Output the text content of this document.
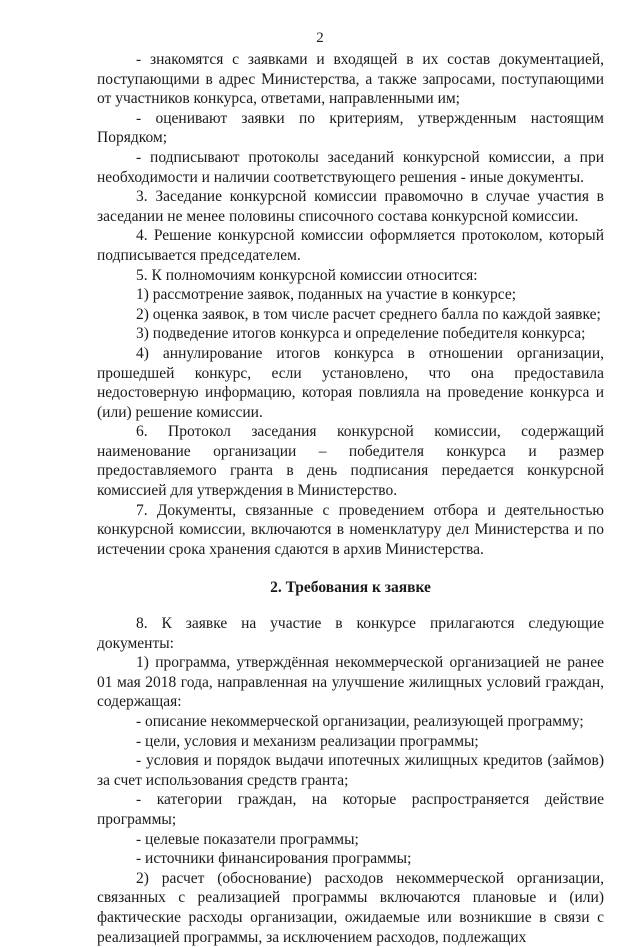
2

- знакомятся с заявками и входящей в их состав документацией, поступающими в адрес Министерства, а также запросами, поступающими от участников конкурса, ответами, направленными им;

- оценивают заявки по критериям, утвержденным настоящим Порядком;

- подписывают протоколы заседаний конкурсной комиссии, а при необходимости и наличии соответствующего решения - иные документы.

3. Заседание конкурсной комиссии правомочно в случае участия в заседании не менее половины списочного состава конкурсной комиссии.

4. Решение конкурсной комиссии оформляется протоколом, который подписывается председателем.

5. К полномочиям конкурсной комиссии относится:

1) рассмотрение заявок, поданных на участие в конкурсе;

2) оценка заявок, в том числе расчет среднего балла по каждой заявке;

3) подведение итогов конкурса и определение победителя конкурса;

4) аннулирование итогов конкурса в отношении организации, прошедшей конкурс, если установлено, что она предоставила недостоверную информацию, которая повлияла на проведение конкурса и (или) решение комиссии.

6. Протокол заседания конкурсной комиссии, содержащий наименование организации – победителя конкурса и размер предоставляемого гранта в день подписания передается конкурсной комиссией для утверждения в Министерство.

7. Документы, связанные с проведением отбора и деятельностью конкурсной комиссии, включаются в номенклатуру дел Министерства и по истечении срока хранения сдаются в архив Министерства.

2. Требования к заявке

8. К заявке на участие в конкурсе прилагаются следующие документы:

1) программа, утверждённая некоммерческой организацией не ранее 01 мая 2018 года, направленная на улучшение жилищных условий граждан, содержащая:

- описание некоммерческой организации, реализующей программу;

- цели, условия и механизм реализации программы;

- условия и порядок выдачи ипотечных жилищных кредитов (займов) за счет использования средств гранта;

- категории граждан, на которые распространяется действие программы;

- целевые показатели программы;

- источники финансирования программы;

2) расчет (обоснование) расходов некоммерческой организации, связанных с реализацией программы включаются плановые и (или) фактические расходы организации, ожидаемые или возникшие в связи с реализацией программы, за исключением расходов, подлежащих
